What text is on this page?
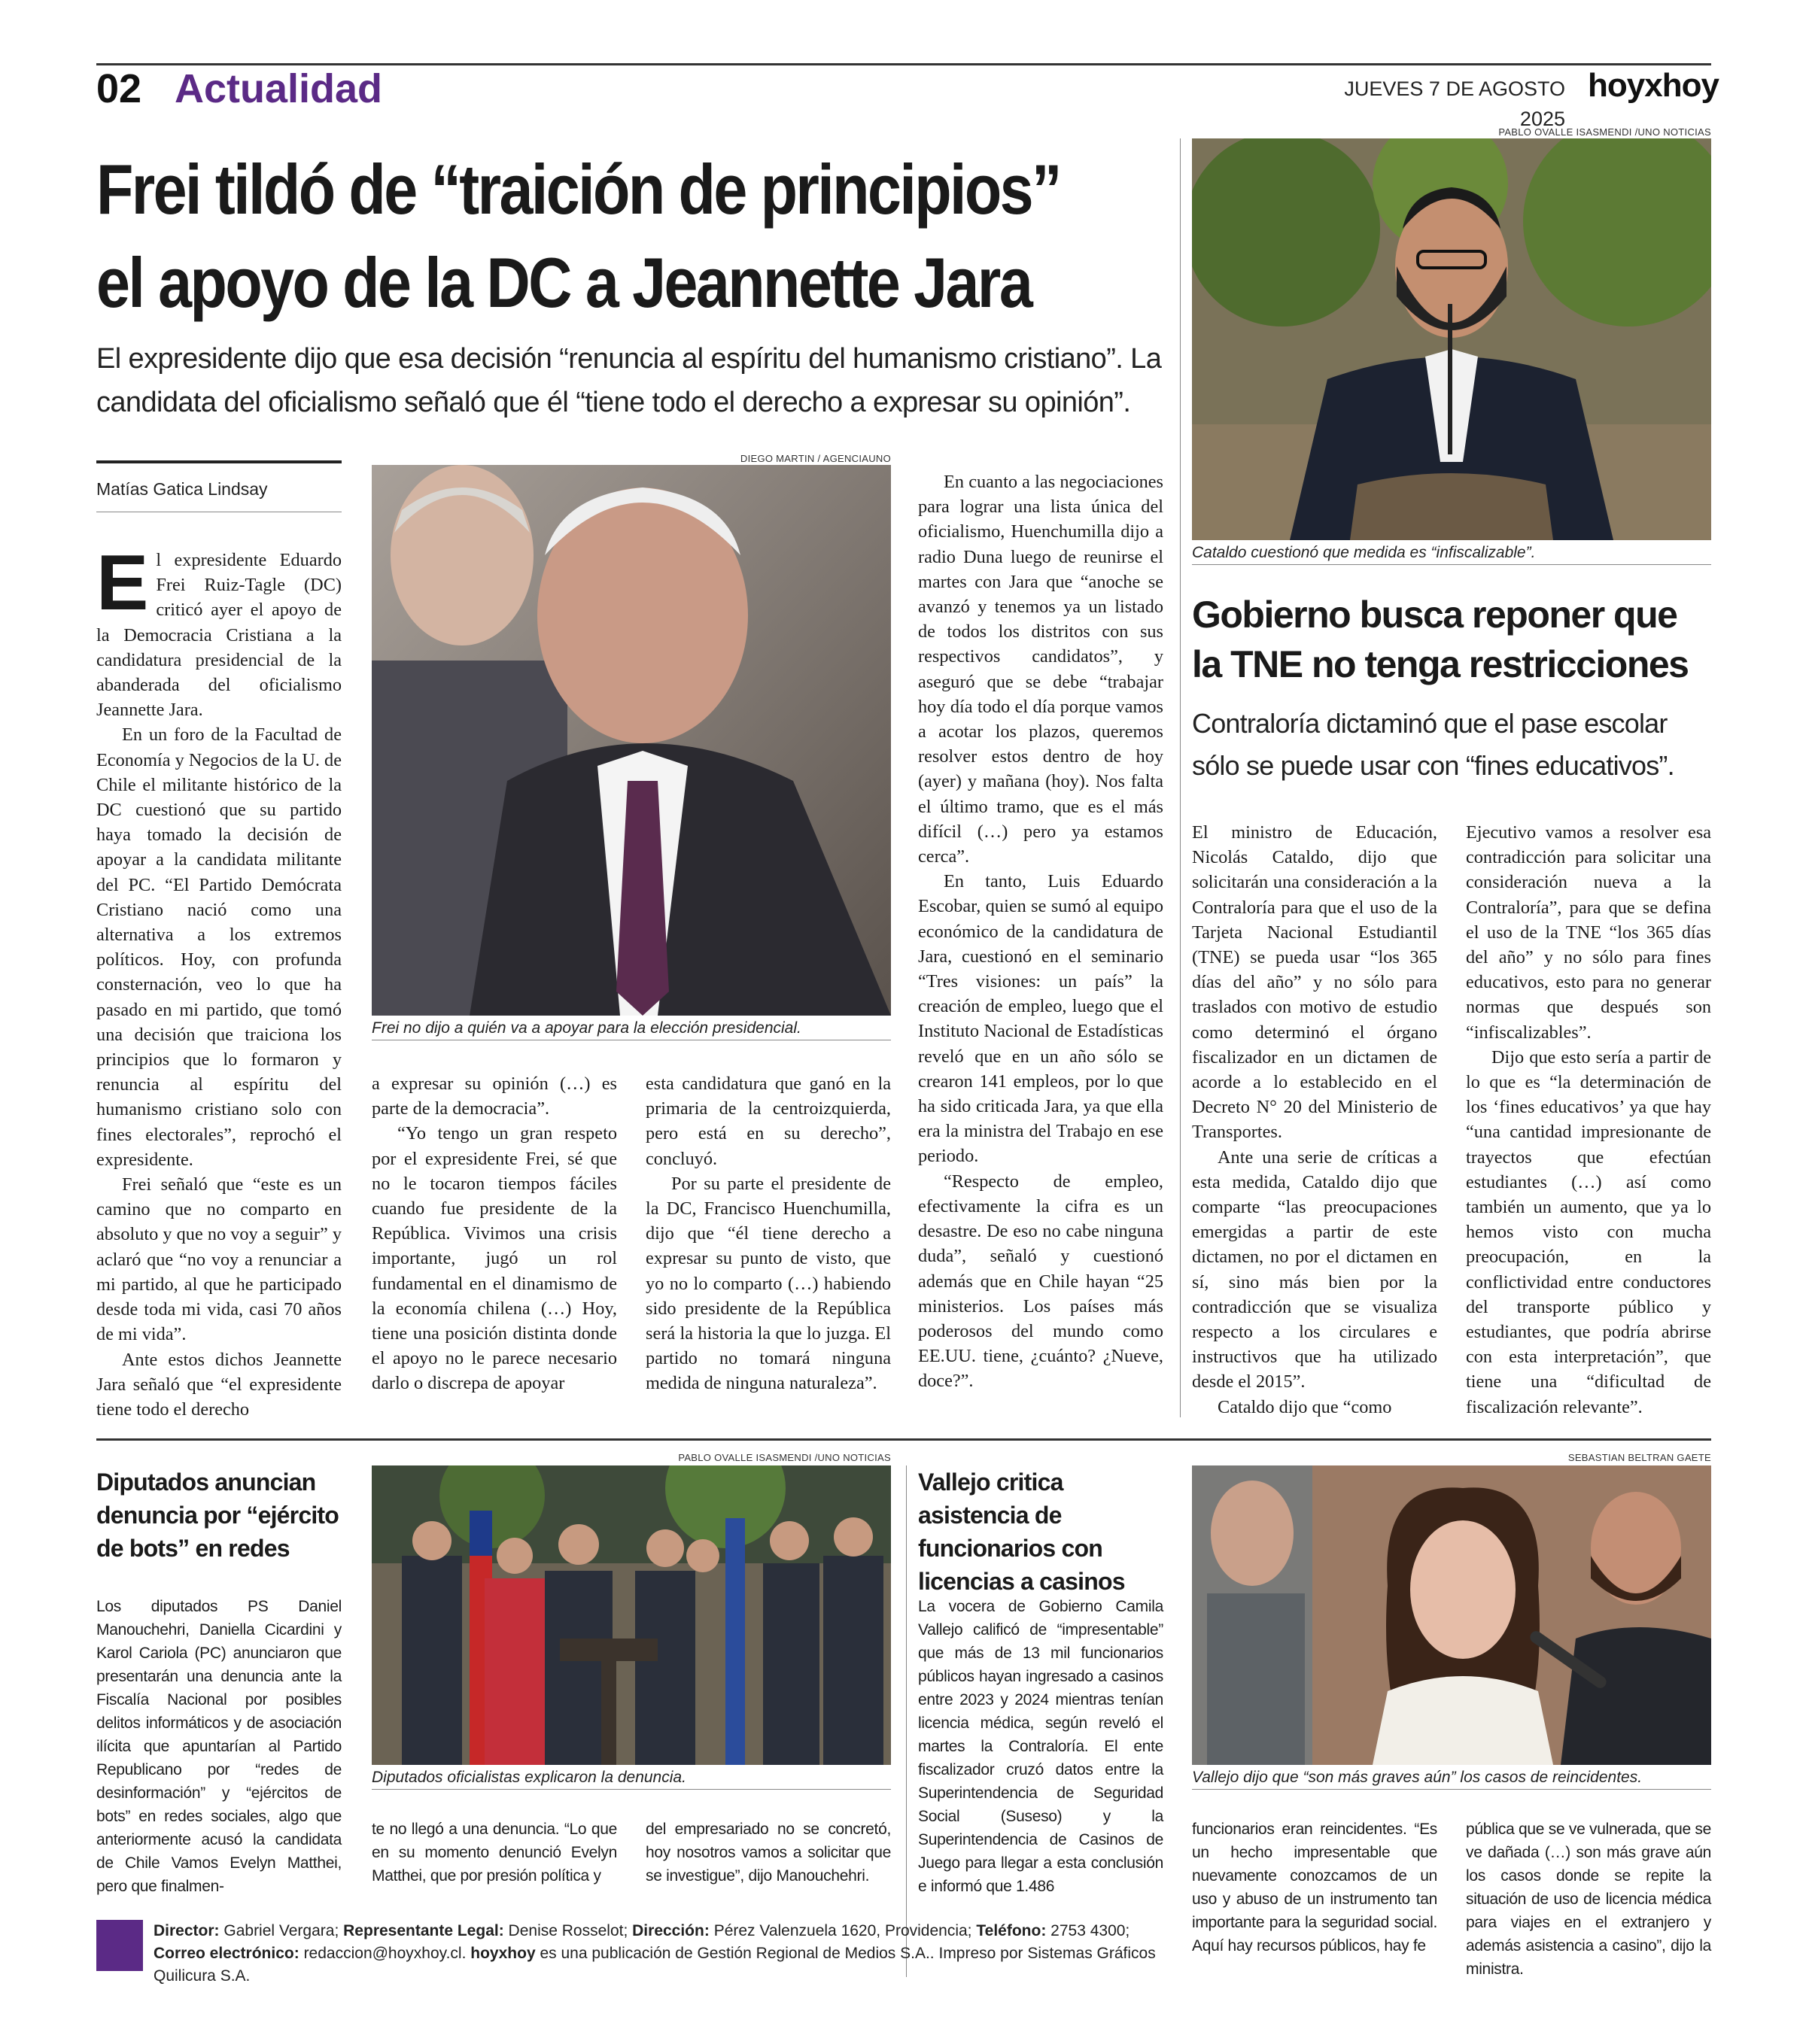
02 Actualidad	JUEVES 7 DE AGOSTO 2025
hoyxhoy
Frei tildó de “traición de principios”
el apoyo de la DC a Jeannette Jara
El expresidente dijo que esa decisión “renuncia al espíritu del humanismo cristiano”. La candidata del oficialismo señaló que él “tiene todo el derecho a expresar su opinión”.
Matías Gatica Lindsay
DIEGO MARTIN / AGENCIAUNO
Frei no dijo a quién va a apoyar para la elección presidencial.

El expresidente Eduardo Frei Ruiz-Tagle (DC) criticó ayer el apoyo de la Democracia Cristiana a la candidatura presidencial de la abanderada del oficialismo Jeannette Jara.

En un foro de la Facultad de Economía y Negocios de la U. de Chile el militante histórico de la DC cuestionó que su partido haya tomado la decisión de apoyar a la candidata militante del PC. “El Partido Demócrata Cristiano nació como una alternativa a los extremos políticos. Hoy, con profunda consternación, veo lo que ha pasado en mi partido, que tomó una decisión que traiciona los principios que lo formaron y renuncia al espíritu del humanismo cristiano solo con fines electorales”, reprochó el expresidente.

Frei señaló que “este es un camino que no comparto en absoluto y que no voy a seguir” y aclaró que “no voy a renunciar a mi partido, al que he participado desde toda mi vida, casi 70 años de mi vida”.

Ante estos dichos Jeannette Jara señaló que “el expresidente tiene todo el derecho

a expresar su opinión (…) es parte de la democracia”.

“Yo tengo un gran respeto por el expresidente Frei, sé que no le tocaron tiempos fáciles cuando fue presidente de la República. Vivimos una crisis importante, jugó un rol fundamental en el dinamismo de la economía chilena (…) Hoy, tiene una posición distinta donde el apoyo no le parece necesario darlo o discrepa de apoyar

esta candidatura que ganó en la primaria de la centroizquierda, pero está en su derecho”, concluyó.

Por su parte el presidente de la DC, Francisco Huenchumilla, dijo que “él tiene derecho a expresar su punto de visto, que yo no lo comparto (…) habiendo sido presidente de la República será la historia la que lo juzga. El partido no tomará ninguna medida de ninguna naturaleza”.

En cuanto a las negociaciones para lograr una lista única del oficialismo, Huenchumilla dijo a radio Duna luego de reunirse el martes con Jara que “anoche se avanzó y tenemos ya un listado de todos los distritos con sus respectivos candidatos”, y aseguró que se debe “trabajar hoy día todo el día porque vamos a acotar los plazos, queremos resolver estos dentro de hoy (ayer) y mañana (hoy). Nos falta el último tramo, que es el más difícil (…) pero ya estamos cerca”.

En tanto, Luis Eduardo Escobar, quien se sumó al equipo económico de la candidatura de Jara, cuestionó en el seminario “Tres visiones: un país” la creación de empleo, luego que el Instituto Nacional de Estadísticas reveló que en un año sólo se crearon 141 empleos, por lo que ha sido criticada Jara, ya que ella era la ministra del Trabajo en ese periodo.

“Respecto de empleo, efectivamente la cifra es un desastre. De eso no cabe ninguna duda”, señaló y cuestionó además que en Chile hayan “25 ministerios. Los países más poderosos del mundo como EE.UU. tiene, ¿cuánto? ¿Nueve, doce?”.

PABLO OVALLE ISASMENDI /UNO NOTICIAS
Cataldo cuestionó que medida es “infiscalizable”.
Gobierno busca reponer que la TNE no tenga restricciones
Contraloría dictaminó que el pase escolar sólo se puede usar con “fines educativos”.

El ministro de Educación, Nicolás Cataldo, dijo que solicitarán una consideración a la Contraloría para que el uso de la Tarjeta Nacional Estudiantil (TNE) se pueda usar “los 365 días del año” y no sólo para traslados con motivo de estudio como determinó el órgano fiscalizador en un dictamen de acorde a lo establecido en el Decreto N° 20 del Ministerio de Transportes.

Ante una serie de críticas a esta medida, Cataldo dijo que comparte “las preocupaciones emergidas a partir de este dictamen, no por el dictamen en sí, sino más bien por la contradicción que se visualiza respecto a los circulares e instructivos que ha utilizado desde el 2015”.

Cataldo dijo que “como

Ejecutivo vamos a resolver esa contradicción para solicitar una consideración nueva a la Contraloría”, para que se defina el uso de la TNE “los 365 días del año” y no sólo para fines educativos, esto para no generar normas que después son “infiscalizables”.

Dijo que esto sería a partir de lo que es “la determinación de los ‘fines educativos’ ya que hay “una cantidad impresionante de trayectos que efectúan estudiantes (…) así como también un aumento, que ya lo hemos visto con mucha preocupación, en la conflictividad entre conductores del transporte público y estudiantes, que podría abrirse con esta interpretación”, que tiene una “dificultad de fiscalización relevante”.

Diputados anuncian denuncia por “ejército de bots” en redes
Los diputados PS Daniel Manouchehri, Daniella Cicardini y Karol Cariola (PC) anunciaron que presentarán una denuncia ante la Fiscalía Nacional por posibles delitos informáticos y de asociación ilícita que apuntarían al Partido Republicano por “redes de desinformación” y “ejércitos de bots” en redes sociales, algo que anteriormente acusó la candidata de Chile Vamos Evelyn Matthei, pero que finalmen-
PABLO OVALLE ISASMENDI /UNO NOTICIAS
Diputados oficialistas explicaron la denuncia.
te no llegó a una denuncia. “Lo que en su momento denunció Evelyn Matthei, que por presión política y
del empresariado no se concretó, hoy nosotros vamos a solicitar que se investigue”, dijo Manouchehri.
Vallejo critica asistencia de funcionarios con licencias a casinos
La vocera de Gobierno Camila Vallejo calificó de “impresentable” que más de 13 mil funcionarios públicos hayan ingresado a casinos entre 2023 y 2024 mientras tenían licencia médica, según reveló el martes la Contraloría. El ente fiscalizador cruzó datos entre la Superintendencia de Seguridad Social (Suseso) y la Superintendencia de Casinos de Juego para llegar a esta conclusión e informó que 1.486
SEBASTIAN BELTRAN GAETE
Vallejo dijo que “son más graves aún” los casos de reincidentes.
funcionarios eran reincidentes. “Es un hecho impresentable que nuevamente conozcamos de un uso y abuso de un instrumento tan importante para la seguridad social. Aquí hay recursos públicos, hay fe
pública que se ve vulnerada, que se ve dañada (…) son más grave aún los casos donde se repite la situación de uso de licencia médica para viajes en el extranjero y además asistencia a casino”, dijo la ministra.
Director: Gabriel Vergara; Representante Legal: Denise Rosselot; Dirección: Pérez Valenzuela 1620, Providencia; Teléfono: 2753 4300; Correo electrónico: redaccion@hoyxhoy.cl. hoyxhoy es una publicación de Gestión Regional de Medios S.A.. Impreso por Sistemas Gráficos Quilicura S.A.
